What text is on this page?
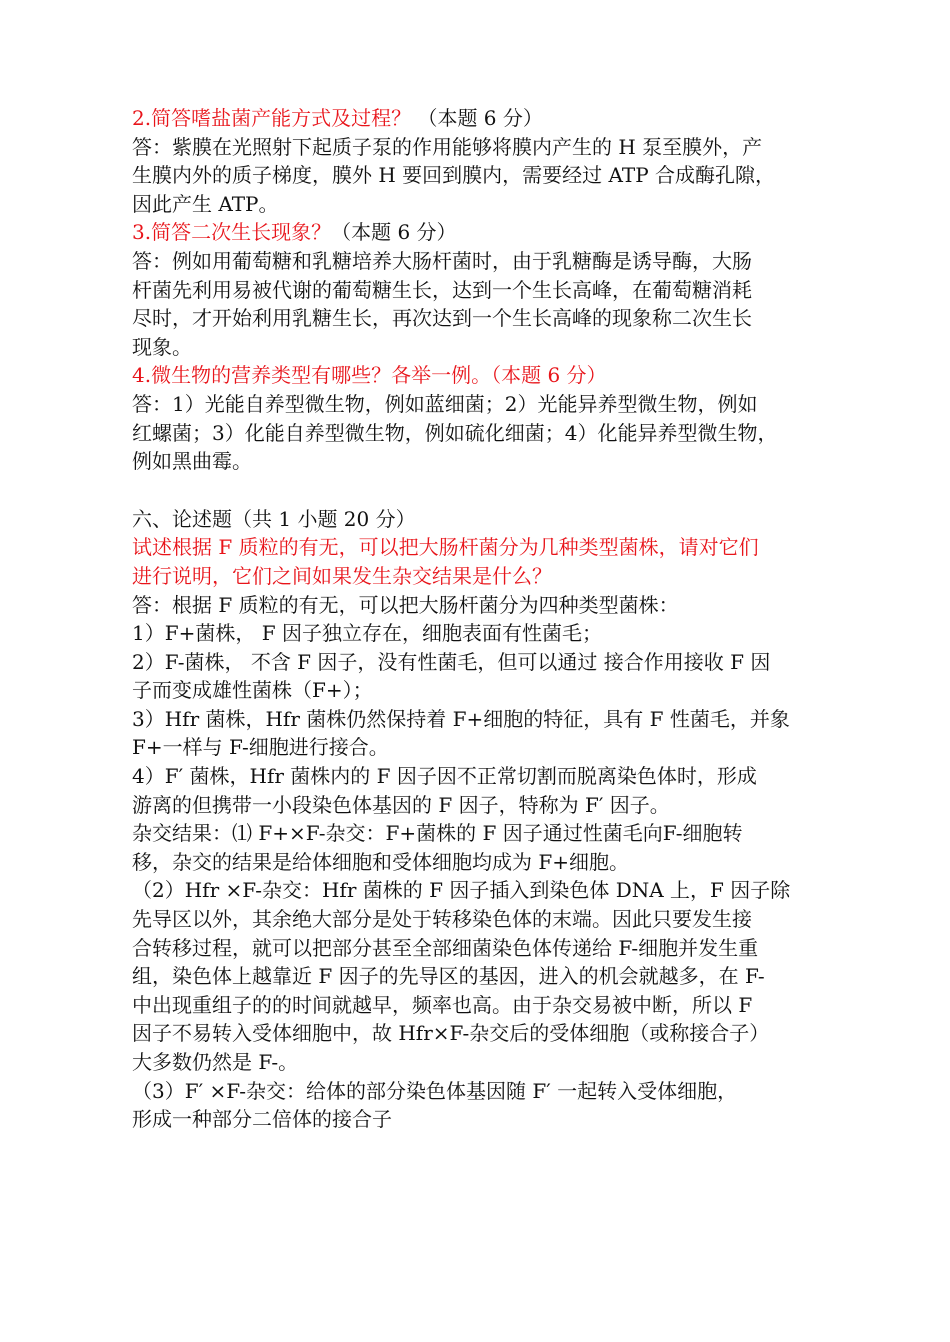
2.简答嗜盐菌产能方式及过程？ （本题 6 分）
答：紫膜在光照射下起质子泵的作用能够将膜内产生的 H 泵至膜外，产
生膜内外的质子梯度，膜外 H 要回到膜内，需要经过 ATP 合成酶孔隙，
因此产生 ATP。
3.简答二次生长现象？（本题 6 分）
答：例如用葡萄糖和乳糖培养大肠杆菌时，由于乳糖酶是诱导酶，大肠
杆菌先利用易被代谢的葡萄糖生长，达到一个生长高峰，在葡萄糖消耗
尽时，才开始利用乳糖生长，再次达到一个生长高峰的现象称二次生长
现象。
4.微生物的营养类型有哪些？各举一例。（本题 6 分）
答：1）光能自养型微生物，例如蓝细菌；2）光能异养型微生物，例如
红螺菌；3）化能自养型微生物，例如硫化细菌；4）化能异养型微生物，
例如黑曲霉。
六、论述题（共 1 小题 20 分）
试述根据 F 质粒的有无，可以把大肠杆菌分为几种类型菌株，请对它们
进行说明，它们之间如果发生杂交结果是什么？
答：根据 F 质粒的有无，可以把大肠杆菌分为四种类型菌株：
1）F+菌株， F 因子独立存在，细胞表面有性菌毛；
2）F-菌株， 不含 F 因子，没有性菌毛，但可以通过 接合作用接收 F 因
子而变成雄性菌株（F+）；
3）Hfr 菌株，Hfr 菌株仍然保持着 F+细胞的特征，具有 F 性菌毛，并象
F+一样与 F-细胞进行接合。
4）F′ 菌株，Hfr 菌株内的 F 因子因不正常切割而脱离染色体时，形成
游离的但携带一小段染色体基因的 F 因子，特称为 F′ 因子。
杂交结果：⑴ F+×F-杂交：F+菌株的 F 因子通过性菌毛向F-细胞转
移，杂交的结果是给体细胞和受体细胞均成为 F+细胞。
（2）Hfr ×F-杂交：Hfr 菌株的 F 因子插入到染色体 DNA 上，F 因子除
先导区以外，其余绝大部分是处于转移染色体的末端。因此只要发生接
合转移过程，就可以把部分甚至全部细菌染色体传递给 F-细胞并发生重
组，染色体上越靠近 F 因子的先导区的基因，进入的机会就越多，在 F-
中出现重组子的的时间就越早，频率也高。由于杂交易被中断，所以 F
因子不易转入受体细胞中，故 Hfr×F-杂交后的受体细胞（或称接合子）
大多数仍然是 F-。
（3）F′ ×F-杂交：给体的部分染色体基因随 F′ 一起转入受体细胞，
形成一种部分二倍体的接合子
